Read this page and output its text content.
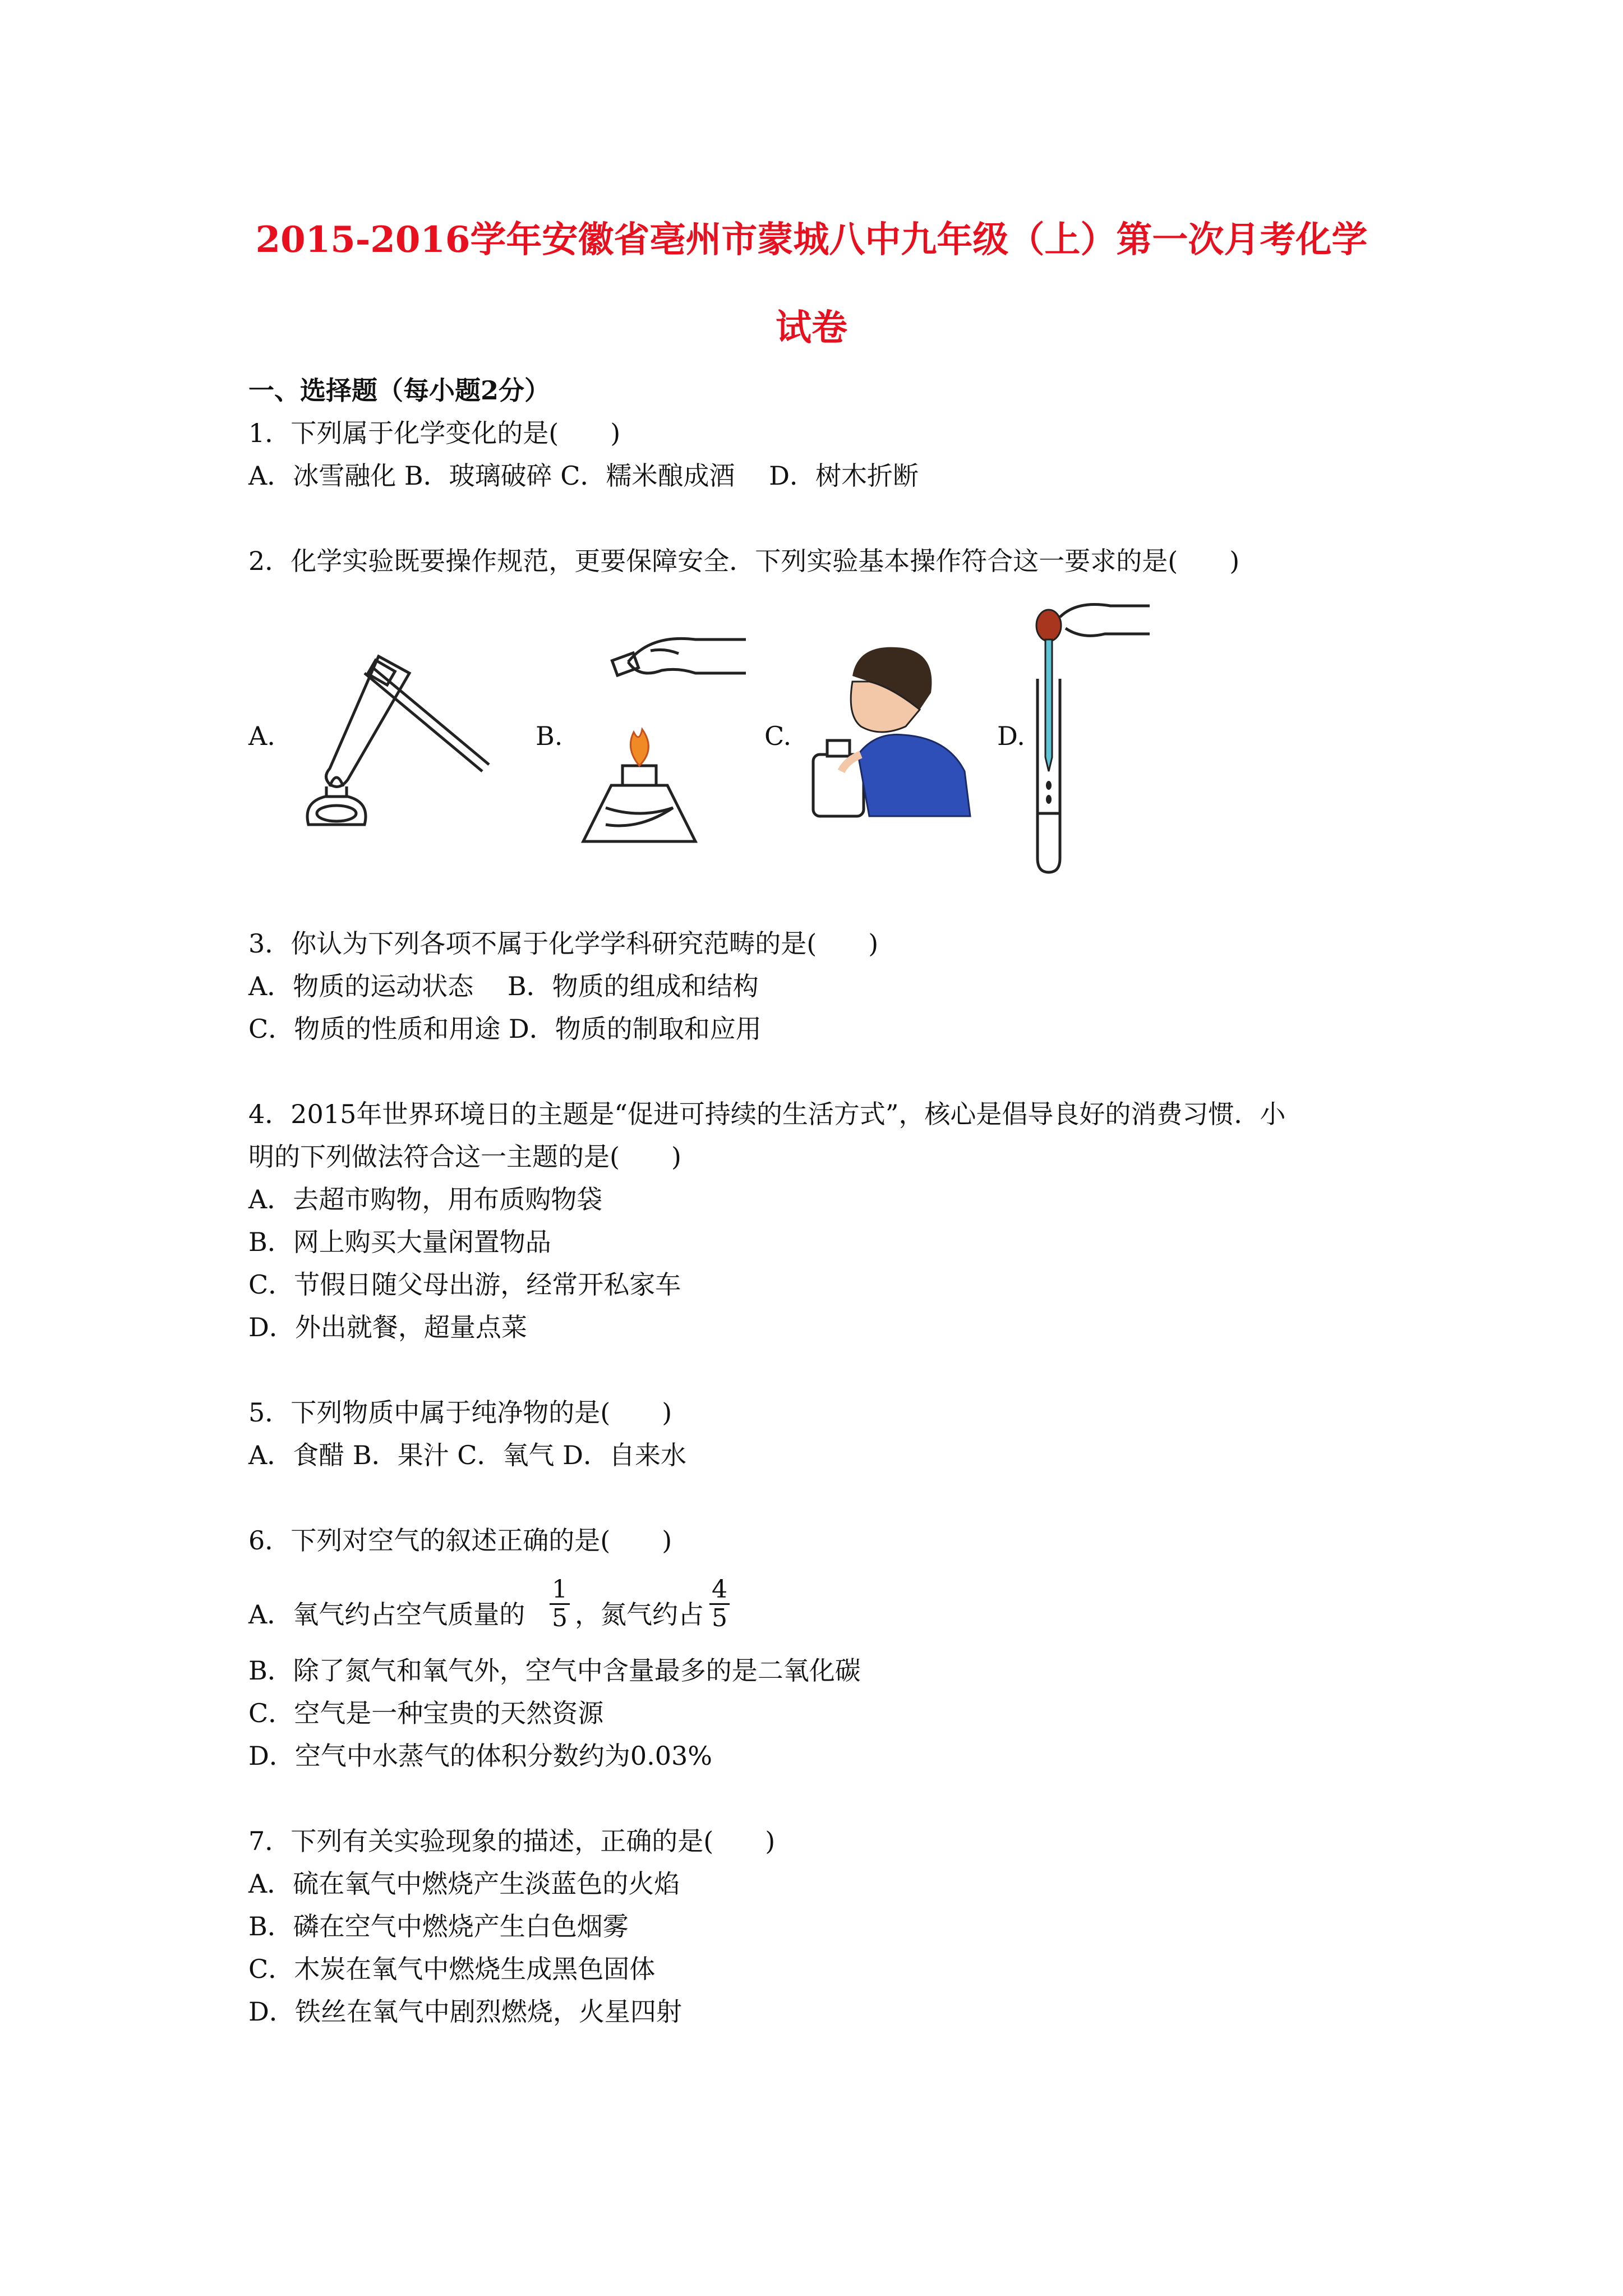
2015-2016学年安徽省亳州市蒙城八中九年级（上）第一次月考化学
试卷
一、选择题（每小题2分）
1．下列属于化学变化的是(　　)
A．冰雪融化 B．玻璃破碎 C．糯米酿成酒　 D．树木折断
2．化学实验既要操作规范，更要保障安全．下列实验基本操作符合这一要求的是(　　)
A.	B.	C.	D.
3．你认为下列各项不属于化学学科研究范畴的是(　　)
A．物质的运动状态　 B．物质的组成和结构
C．物质的性质和用途 D．物质的制取和应用
4．2015年世界环境日的主题是“促进可持续的生活方式”，核心是倡导良好的消费习惯．小
明的下列做法符合这一主题的是(　　)
A．去超市购物，用布质购物袋
B．网上购买大量闲置物品
C．节假日随父母出游，经常开私家车
D．外出就餐，超量点菜
5．下列物质中属于纯净物的是(　　)
A．食醋 B．果汁 C．氧气 D．自来水
6．下列对空气的叙述正确的是(　　)
A．氧气约占空气质量的 $\frac{1}{5}$ ，氮气约占 $\frac{4}{5}$
B．除了氮气和氧气外，空气中含量最多的是二氧化碳
C．空气是一种宝贵的天然资源
D．空气中水蒸气的体积分数约为0.03%
7．下列有关实验现象的描述，正确的是(　　)
A．硫在氧气中燃烧产生淡蓝色的火焰
B．磷在空气中燃烧产生白色烟雾
C．木炭在氧气中燃烧生成黑色固体
D．铁丝在氧气中剧烈燃烧，火星四射
